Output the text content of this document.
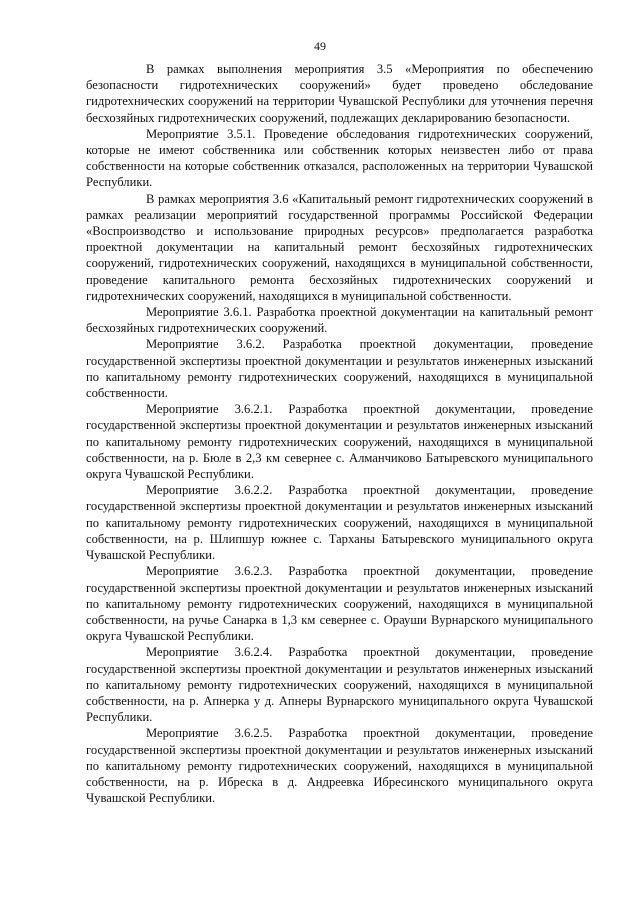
49

В рамках выполнения мероприятия 3.5 «Мероприятия по обеспечению безопасности гидротехнических сооружений» будет проведено обследование гидротехнических сооружений на территории Чувашской Республики для уточнения перечня бесхозяйных гидротехнических сооружений, подлежащих декларированию безопасности.

Мероприятие 3.5.1. Проведение обследования гидротехнических сооружений, которые не имеют собственника или собственник которых неизвестен либо от права собственности на которые собственник отказался, расположенных на территории Чувашской Республики.

В рамках мероприятия 3.6 «Капитальный ремонт гидротехнических сооружений в рамках реализации мероприятий государственной программы Российской Федерации «Воспроизводство и использование природных ресурсов» предполагается разработка проектной документации на капитальный ремонт бесхозяйных гидротехнических сооружений, гидротехнических сооружений, находящихся в муниципальной собственности, проведение капитального ремонта бесхозяйных гидротехнических сооружений и гидротехнических сооружений, находящихся в муниципальной собственности.

Мероприятие 3.6.1. Разработка проектной документации на капитальный ремонт бесхозяйных гидротехнических сооружений.

Мероприятие 3.6.2. Разработка проектной документации, проведение государственной экспертизы проектной документации и результатов инженерных изысканий по капитальному ремонту гидротехнических сооружений, находящихся в муниципальной собственности.

Мероприятие 3.6.2.1. Разработка проектной документации, проведение государственной экспертизы проектной документации и результатов инженерных изысканий по капитальному ремонту гидротехнических сооружений, находящихся в муниципальной собственности, на р. Бюле в 2,3 км севернее с. Алманчиково Батыревского муниципального округа Чувашской Республики.

Мероприятие 3.6.2.2. Разработка проектной документации, проведение государственной экспертизы проектной документации и результатов инженерных изысканий по капитальному ремонту гидротехнических сооружений, находящихся в муниципальной собственности, на р. Шлипшур южнее с. Тарханы Батыревского муниципального округа Чувашской Республики.

Мероприятие 3.6.2.3. Разработка проектной документации, проведение государственной экспертизы проектной документации и результатов инженерных изысканий по капитальному ремонту гидротехнических сооружений, находящихся в муниципальной собственности, на ручье Санарка в 1,3 км севернее с. Орауши Вурнарского муниципального округа Чувашской Республики.

Мероприятие 3.6.2.4. Разработка проектной документации, проведение государственной экспертизы проектной документации и результатов инженерных изысканий по капитальному ремонту гидротехнических сооружений, находящихся в муниципальной собственности, на р. Апнерка у д. Апнеры Вурнарского муниципального округа Чувашской Республики.

Мероприятие 3.6.2.5. Разработка проектной документации, проведение государственной экспертизы проектной документации и результатов инженерных изысканий по капитальному ремонту гидротехнических сооружений, находящихся в муниципальной собственности, на р. Ибреска в д. Андреевка Ибресинского муниципального округа Чувашской Республики.
